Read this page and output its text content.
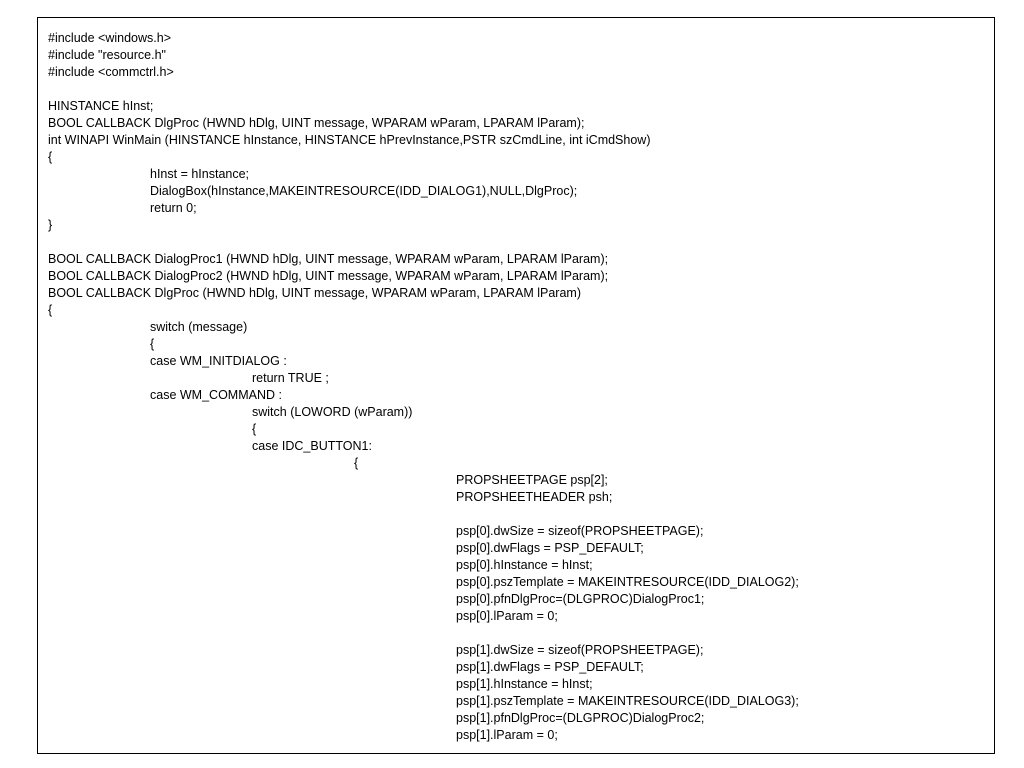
#include <windows.h>
#include "resource.h"
#include <commctrl.h>
HINSTANCE hInst;
BOOL CALLBACK DlgProc (HWND hDlg, UINT message, WPARAM wParam, LPARAM lParam);
int WINAPI WinMain (HINSTANCE hInstance, HINSTANCE hPrevInstance,PSTR szCmdLine, int iCmdShow)
{
hInst = hInstance;
DialogBox(hInstance,MAKEINTRESOURCE(IDD_DIALOG1),NULL,DlgProc);
return 0;
}
BOOL CALLBACK DialogProc1 (HWND hDlg, UINT message, WPARAM wParam, LPARAM lParam);
BOOL CALLBACK DialogProc2 (HWND hDlg, UINT message, WPARAM wParam, LPARAM lParam);
BOOL CALLBACK DlgProc (HWND hDlg, UINT message, WPARAM wParam, LPARAM lParam)
{
switch (message)
{
case WM_INITDIALOG :
return TRUE ;
case WM_COMMAND :
switch (LOWORD (wParam))
{
case IDC_BUTTON1:
{
PROPSHEETPAGE psp[2];
PROPSHEETHEADER psh;
psp[0].dwSize = sizeof(PROPSHEETPAGE);
psp[0].dwFlags = PSP_DEFAULT;
psp[0].hInstance = hInst;
psp[0].pszTemplate = MAKEINTRESOURCE(IDD_DIALOG2);
psp[0].pfnDlgProc=(DLGPROC)DialogProc1;
psp[0].lParam = 0;
psp[1].dwSize = sizeof(PROPSHEETPAGE);
psp[1].dwFlags = PSP_DEFAULT;
psp[1].hInstance = hInst;
psp[1].pszTemplate = MAKEINTRESOURCE(IDD_DIALOG3);
psp[1].pfnDlgProc=(DLGPROC)DialogProc2;
psp[1].lParam = 0;
